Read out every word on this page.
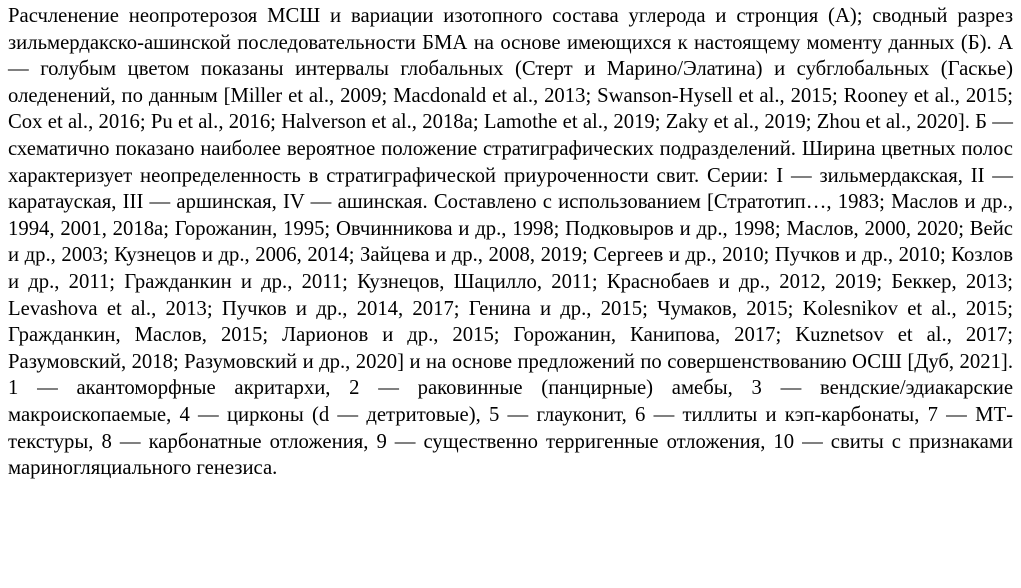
Расчленение неопротерозоя МСШ и вариации изотопного состава углерода и стронция (А); сводный разрез зильмердакско-ашинской последовательности БМА на основе имеющихся к настоящему моменту данных (Б). А — голубым цветом показаны интервалы глобальных (Стерт и Марино/Элатина) и субглобальных (Гаскье) оледенений, по данным [Miller et al., 2009; Macdonald et al., 2013; Swanson-Hysell et al., 2015; Rooney et al., 2015; Cox et al., 2016; Pu et al., 2016; Halverson et al., 2018a; Lamothe et al., 2019; Zaky et al., 2019; Zhou et al., 2020]. Б — схематично показано наиболее вероятное положение стратиграфических подразделений. Ширина цветных полос характеризует неопределенность в стратиграфической приуроченности свит. Серии: I — зильмердакская, II — каратауская, III — аршинская, IV — ашинская. Составлено с использованием [Стратотип…, 1983; Маслов и др., 1994, 2001, 2018а; Горожанин, 1995; Овчинникова и др., 1998; Подковыров и др., 1998; Маслов, 2000, 2020; Вейс и др., 2003; Кузнецов и др., 2006, 2014; Зайцева и др., 2008, 2019; Сергеев и др., 2010; Пучков и др., 2010; Козлов и др., 2011; Гражданкин и др., 2011; Кузнецов, Шацилло, 2011; Краснобаев и др., 2012, 2019; Беккер, 2013; Levashova et al., 2013; Пучков и др., 2014, 2017; Генина и др., 2015; Чумаков, 2015; Kolesnikov et al., 2015; Гражданкин, Маслов, 2015; Ларионов и др., 2015; Горожанин, Канипова, 2017; Kuznetsov et al., 2017; Разумовский, 2018; Разумовский и др., 2020] и на основе предложений по совершенствованию ОСШ [Дуб, 2021]. 1 — акантоморфные акритархи, 2 — раковинные (панцирные) амебы, 3 — вендские/эдиакарские макроископаемые, 4 — цирконы (d — детритовые), 5 — глауконит, 6 — тиллиты и кэп-карбонаты, 7 — МТ-текстуры, 8 — карбонатные отложения, 9 — существенно терригенные отложения, 10 — свиты с признаками мариногляциального генезиса.
